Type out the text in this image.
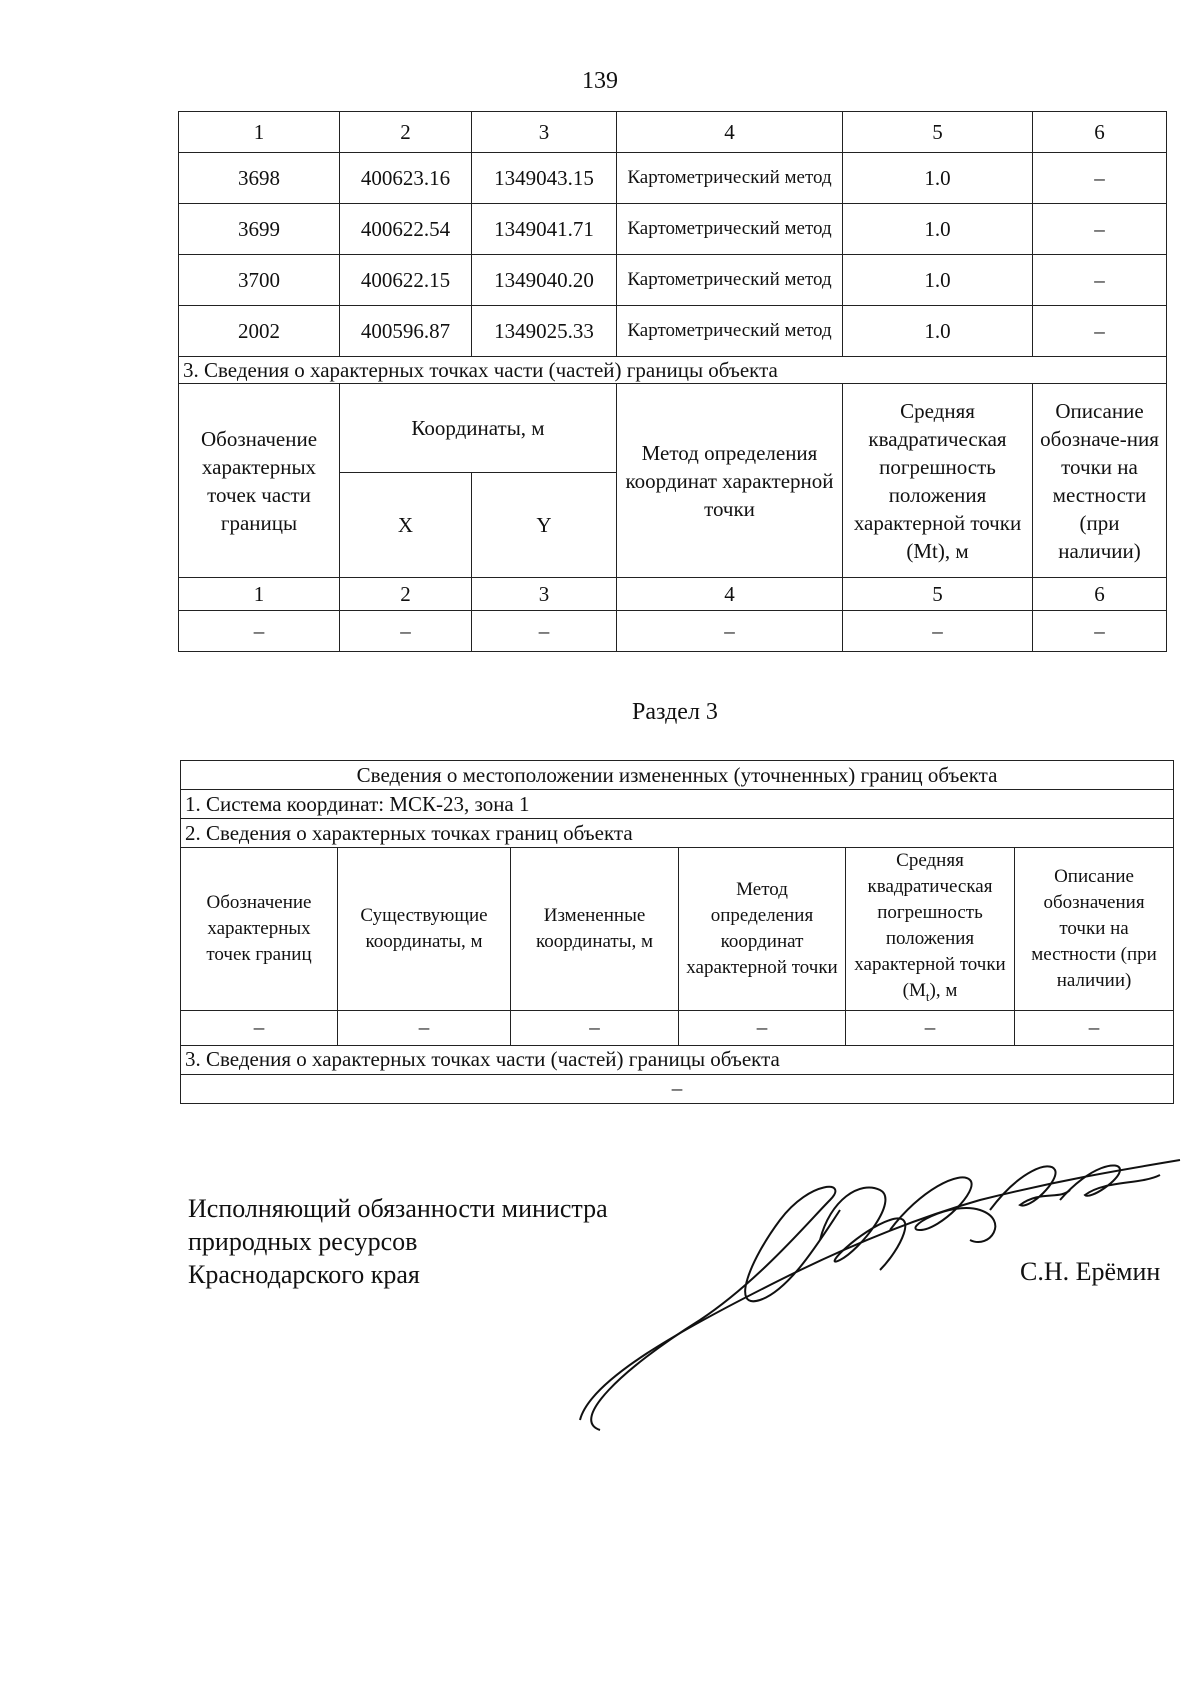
139
1	2	3	4	5	6
3698	400623.16	1349043.15	Картометрический метод	1.0	–
3699	400622.54	1349041.71	Картометрический метод	1.0	–
3700	400622.15	1349040.20	Картометрический метод	1.0	–
2002	400596.87	1349025.33	Картометрический метод	1.0	–
3. Сведения о характерных точках части (частей) границы объекта					
Обозначение характерных точек части границы	Координаты, м		Метод определения координат характерной точки	Средняя квадратическая погрешность положения характерной точки (Mt), м	Описание обозначе-ния точки на местности (при наличии)
	X	Y			
1	2	3	4	5	6
–	–	–	–	–	–
Раздел 3
Сведения о местоположении измененных (уточненных) границ объекта					
1. Система координат: МСК-23, зона 1					
2. Сведения о характерных точках границ объекта					
Обозначение характерных точек границ	Существующие координаты, м	Измененные координаты, м	Метод определения координат характерной точки	Средняя квадратическая погрешность положения характерной точки $(M_t)$, м	Описание обозначения точки на местности (при наличии)
–	–	–	–	–	–
3. Сведения о характерных точках части (частей) границы объекта					
–					
Исполняющий обязанности министра
природных ресурсов
Краснодарского края	С.Н. Ерёмин
